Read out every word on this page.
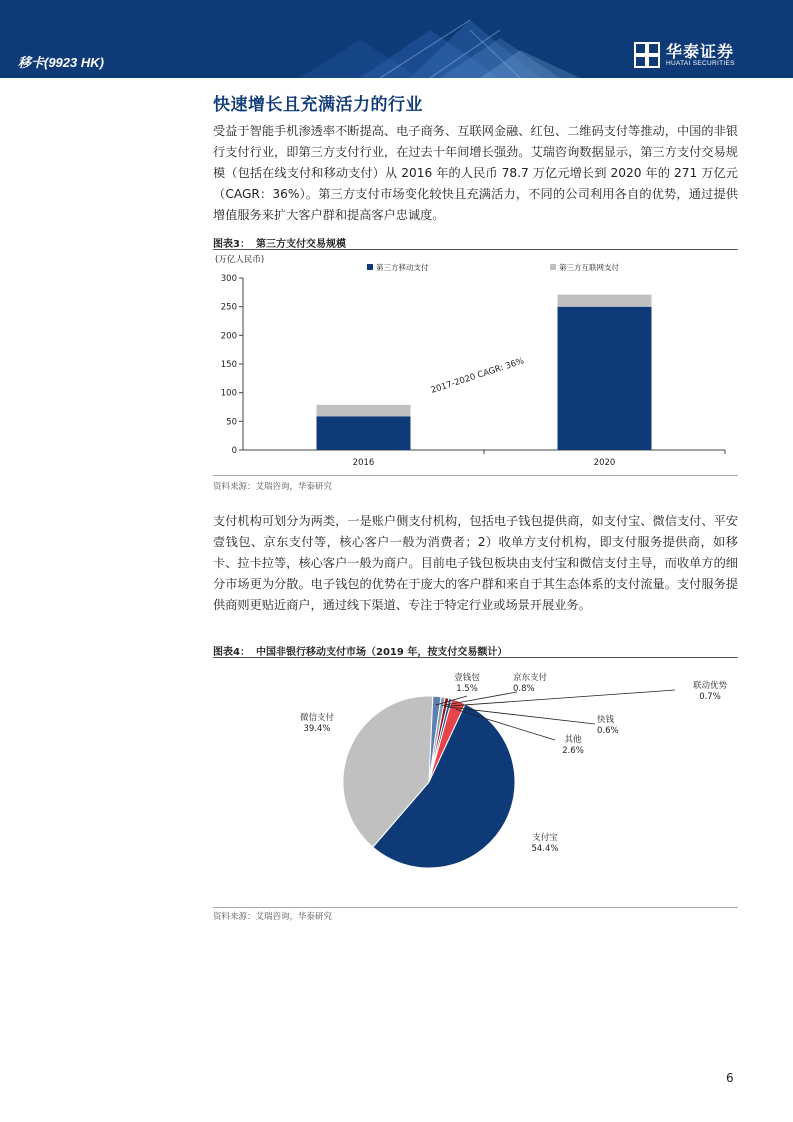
移卡(9923 HK)
华泰证券
HUATAI SECURITIES
快速增长且充满活力的行业

受益于智能手机渗透率不断提高、电子商务、互联网金融、红包、二维码支付等推动，中国的非银行支付行业，即第三方支付行业，在过去十年间增长强劲。艾瑞咨询数据显示，第三方支付交易规模（包括在线支付和移动支付）从 2016 年的人民币 78.7 万亿元增长到 2020 年的 271 万亿元（CAGR：36%）。第三方支付市场变化较快且充满活力，不同的公司利用各自的优势，通过提供增值服务来扩大客户群和提高客户忠诚度。

图表3： 第三方支付交易规模
(万亿人民币)
0
50
100
150
200
250
300
2016	2020
第三方移动支付	第三方互联网支付
2017-2020 CAGR: 36%
资料来源：艾瑞咨询，华泰研究

支付机构可划分为两类，一是账户侧支付机构，包括电子钱包提供商，如支付宝、微信支付、平安壹钱包、京东支付等，核心客户一般为消费者；2）收单方支付机构，即支付服务提供商，如移卡、拉卡拉等，核心客户一般为商户。目前电子钱包板块由支付宝和微信支付主导，而收单方的细分市场更为分散。电子钱包的优势在于庞大的客户群和来自于其生态体系的支付流量。支付服务提供商则更贴近商户，通过线下渠道、专注于特定行业或场景开展业务。

图表4： 中国非银行移动支付市场（2019 年，按支付交易额计）
京东支付
0.8%	联动优势
0.7%
快钱
0.6%
其他
2.6%
支付宝
54.4%
微信支付
39.4%
壹钱包
1.5%
资料来源：艾瑞咨询，华泰研究
6
